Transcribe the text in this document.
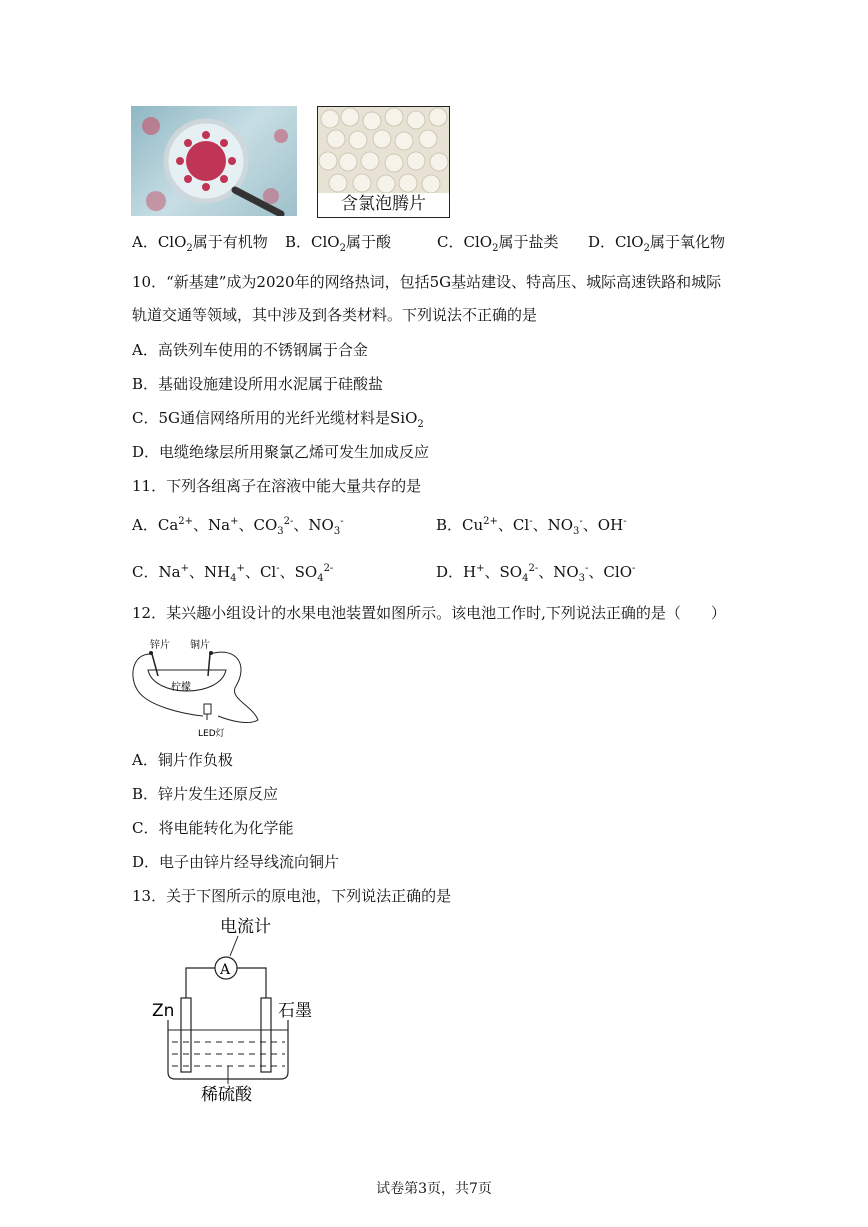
含氯泡腾片
A．ClO$_2$属于有机物 B．ClO$_2$属于酸	C．ClO$_2$属于盐类 D．ClO$_2$属于氧化物
10．“新基建”成为2020年的网络热词，包括5G基站建设、特高压、城际高速铁路和城际
轨道交通等领域，其中涉及到各类材料。下列说法不正确的是
A．高铁列车使用的不锈钢属于合金
B．基础设施建设所用水泥属于硅酸盐
C．5G通信网络所用的光纤光缆材料是SiO$_2$
D．电缆绝缘层所用聚氯乙烯可发生加成反应
11．下列各组离子在溶液中能大量共存的是
A．$Ca^{2+}$、Na+、$CO_3^{2-}$、$NO_3^-$	B．$Cu^{2+}$、Cl-、$NO_3^-$、OH-
C．Na+、$NH_4^+$、Cl-、$SO_4^{2-}$	D．H+、$SO_4^{2-}$、$NO_3^-$、ClO-
12．某兴趣小组设计的水果电池装置如图所示。该电池工作时,下列说法正确的是（　　）
锌片 铜片
柠檬
LED灯
A．铜片作负极
B．锌片发生还原反应
C．将电能转化为化学能
D．电子由锌片经导线流向铜片
13．关于下图所示的原电池，下列说法正确的是
电流计
A
Zn	石墨
稀硫酸
试卷第3页，共7页
